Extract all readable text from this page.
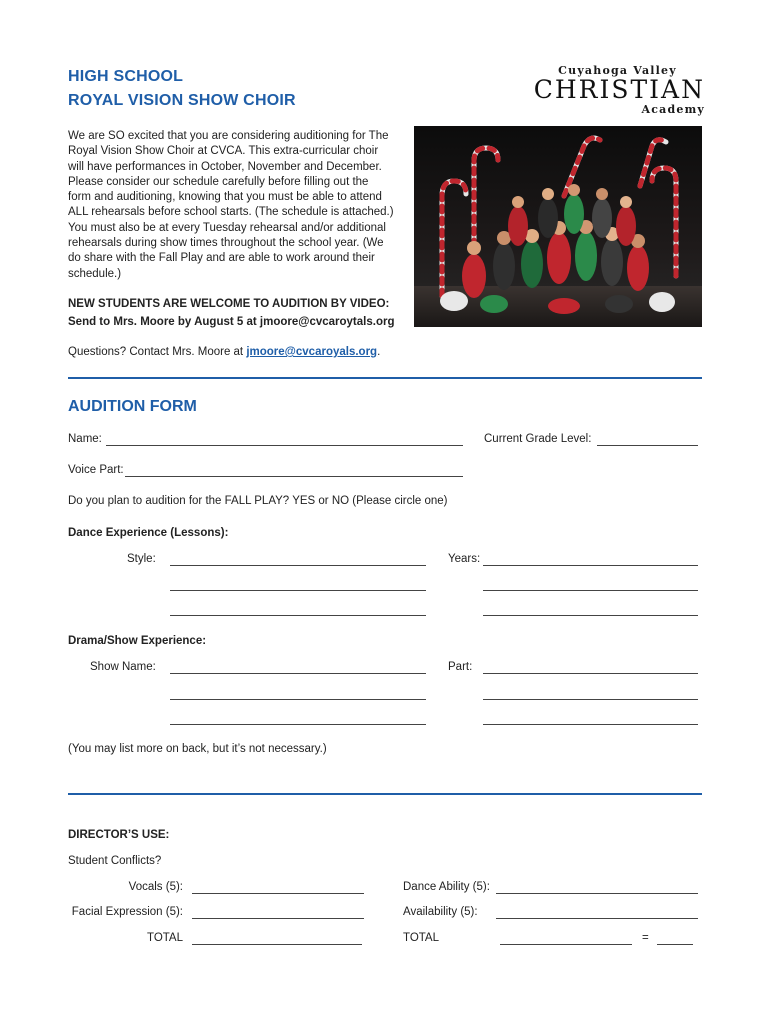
HIGH SCHOOL
ROYAL VISION SHOW CHOIR
Cuyahoga Valley
CHRISTIAN
Academy
We are SO excited that you are considering auditioning for The
Royal Vision Show Choir at CVCA. This extra-curricular choir
will have performances in October, November and December.
Please consider our schedule carefully before filling out the
form and auditioning, knowing that you must be able to attend
ALL rehearsals before school starts. (The schedule is attached.)
You must also be at every Tuesday rehearsal and/or additional
rehearsals during show times throughout the school year. (We
do share with the Fall Play and are able to work around their
schedule.)
NEW STUDENTS ARE WELCOME TO AUDITION BY VIDEO:
Send to Mrs. Moore by August 5 at jmoore@cvcaroytals.org
Questions? Contact Mrs. Moore at jmoore@cvcaroyals.org.
AUDITION FORM
Name:	Current Grade Level:
Voice Part:
Do you plan to audition for the FALL PLAY? YES or NO (Please circle one)
Dance Experience (Lessons):
Style:	Years:
Drama/Show Experience:
Show Name:	Part:
(You may list more on back, but it’s not necessary.)
DIRECTOR’S USE:
Student Conflicts?
Vocals (5):	Dance Ability (5):
Facial Expression (5):	Availability (5):
TOTAL	TOTAL	=
